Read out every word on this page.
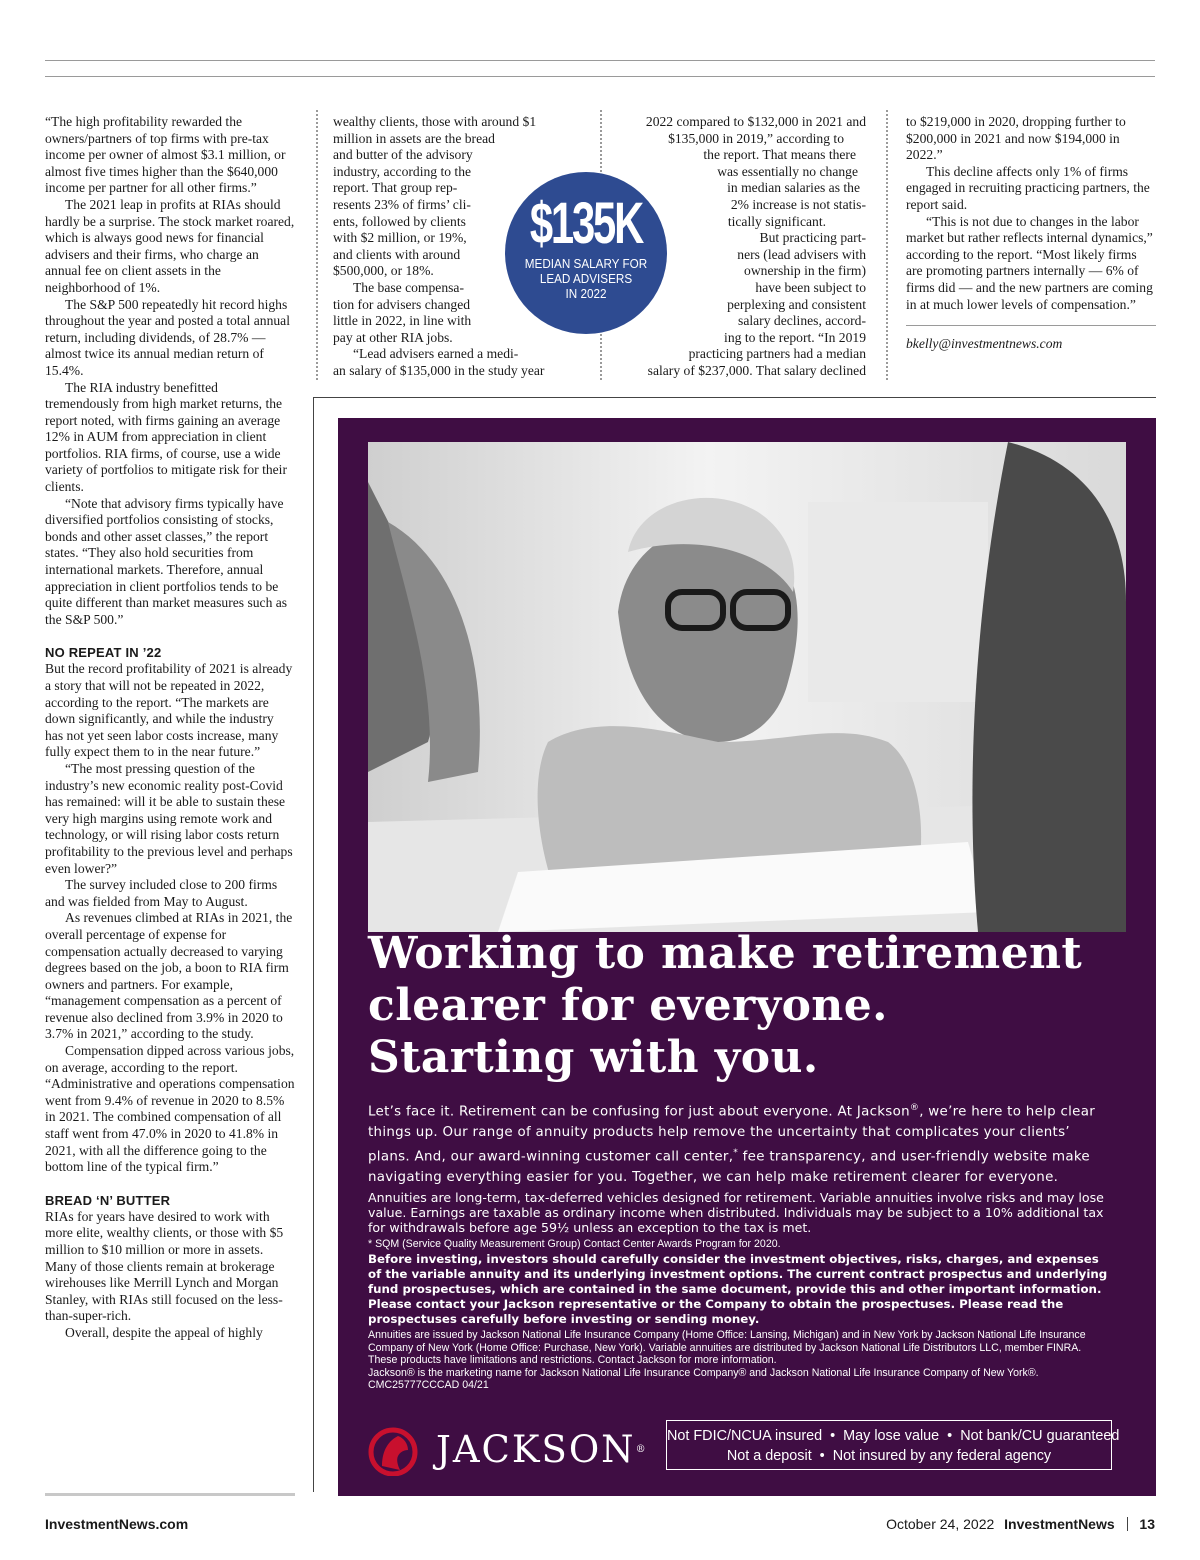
“The high profitability rewarded the owners/partners of top firms with pre-tax income per owner of almost $3.1 million, or almost five times higher than the $640,000 income per partner for all other firms.”

The 2021 leap in profits at RIAs should hardly be a surprise. The stock market roared, which is always good news for financial advisers and their firms, who charge an annual fee on client assets in the neighborhood of 1%.

The S&P 500 repeatedly hit record highs throughout the year and posted a total annual return, including dividends, of 28.7% — almost twice its annual median return of 15.4%.

The RIA industry benefitted tremendously from high market returns, the report noted, with firms gaining an average 12% in AUM from appreciation in client portfolios. RIA firms, of course, use a wide variety of portfolios to mitigate risk for their clients.

“Note that advisory firms typically have diversified portfolios consisting of stocks, bonds and other asset classes,” the report states. “They also hold securities from international markets. Therefore, annual appreciation in client portfolios tends to be quite different than market measures such as the S&P 500.”

NO REPEAT IN ’22

But the record profitability of 2021 is already a story that will not be repeated in 2022, according to the report. “The markets are down significantly, and while the industry has not yet seen labor costs increase, many fully expect them to in the near future.”

“The most pressing question of the industry’s new economic reality post-Covid has remained: will it be able to sustain these very high margins using remote work and technology, or will rising labor costs return profitability to the previous level and perhaps even lower?”

The survey included close to 200 firms and was fielded from May to August.

As revenues climbed at RIAs in 2021, the overall percentage of expense for compensation actually decreased to varying degrees based on the job, a boon to RIA firm owners and partners. For example, “management compensation as a percent of revenue also declined from 3.9% in 2020 to 3.7% in 2021,” according to the study.

Compensation dipped across various jobs, on average, according to the report. “Administrative and operations compensation went from 9.4% of revenue in 2020 to 8.5% in 2021. The combined compensation of all staff went from 47.0% in 2020 to 41.8% in 2021, with all the difference going to the bottom line of the typical firm.”

BREAD ‘N’ BUTTER

RIAs for years have desired to work with more elite, wealthy clients, or those with $5 million to $10 million or more in assets. Many of those clients remain at brokerage wirehouses like Merrill Lynch and Morgan Stanley, with RIAs still focused on the less-than-super-rich.

Overall, despite the appeal of highly

wealthy clients, those with around $1
million in assets are the bread
and butter of the advisory
industry, according to the
report. That group rep-
resents 23% of firms’ cli-
ents, followed by clients
with $2 million, or 19%,
and clients with around
$500,000, or 18%.
The base compensa-
tion for advisers changed
little in 2022, in line with
pay at other RIA jobs.
“Lead advisers earned a medi-
an salary of $135,000 in the study year
$135K
MEDIAN SALARY FOR
LEAD ADVISERS
IN 2022
2022 compared to $132,000 in 2021 and
$135,000 in 2019,” according to
the report. That means there
was essentially no change
in median salaries as the
2% increase is not statis-
tically significant.
But practicing part-
ners (lead advisers with
ownership in the firm)
have been subject to
perplexing and consistent
salary declines, accord-
ing to the report. “In 2019
practicing partners had a median
salary of $237,000. That salary declined

to $219,000 in 2020, dropping further to $200,000 in 2021 and now $194,000 in 2022.”

This decline affects only 1% of firms engaged in recruiting practicing partners, the report said.

“This is not due to changes in the labor market but rather reflects internal dynamics,” according to the report. “Most likely firms are promoting partners internally — 6% of firms did — and the new partners are coming in at much lower levels of compensation.”

bkelly@investmentnews.com

Working to make retirement
clearer for everyone.
Starting with you.
Let’s face it. Retirement can be confusing for just about everyone. At Jackson®, we’re here to help clear things up. Our range of annuity products help remove the uncertainty that complicates your clients’ plans. And, our award-winning customer call center,* fee transparency, and user-friendly website make navigating everything easier for you. Together, we can help make retirement clearer for everyone.
Annuities are long-term, tax-deferred vehicles designed for retirement. Variable annuities involve risks and may lose value. Earnings are taxable as ordinary income when distributed. Individuals may be subject to a 10% additional tax for withdrawals before age 59½ unless an exception to the tax is met.
* SQM (Service Quality Measurement Group) Contact Center Awards Program for 2020.
Before investing, investors should carefully consider the investment objectives, risks, charges, and expenses of the variable annuity and its underlying investment options. The current contract prospectus and underlying fund prospectuses, which are contained in the same document, provide this and other important information. Please contact your Jackson representative or the Company to obtain the prospectuses. Please read the prospectuses carefully before investing or sending money.
Annuities are issued by Jackson National Life Insurance Company (Home Office: Lansing, Michigan) and in New York by Jackson National Life Insurance Company of New York (Home Office: Purchase, New York). Variable annuities are distributed by Jackson National Life Distributors LLC, member FINRA. These products have limitations and restrictions. Contact Jackson for more information.
Jackson® is the marketing name for Jackson National Life Insurance Company® and Jackson National Life Insurance Company of New York®.
CMC25777CCCAD 04/21
JACKSON®
Not FDIC/NCUA insured  •  May lose value  •  Not bank/CU guaranteed
Not a deposit  •  Not insured by any federal agency
InvestmentNews.com	October 24, 2022 InvestmentNews 13
